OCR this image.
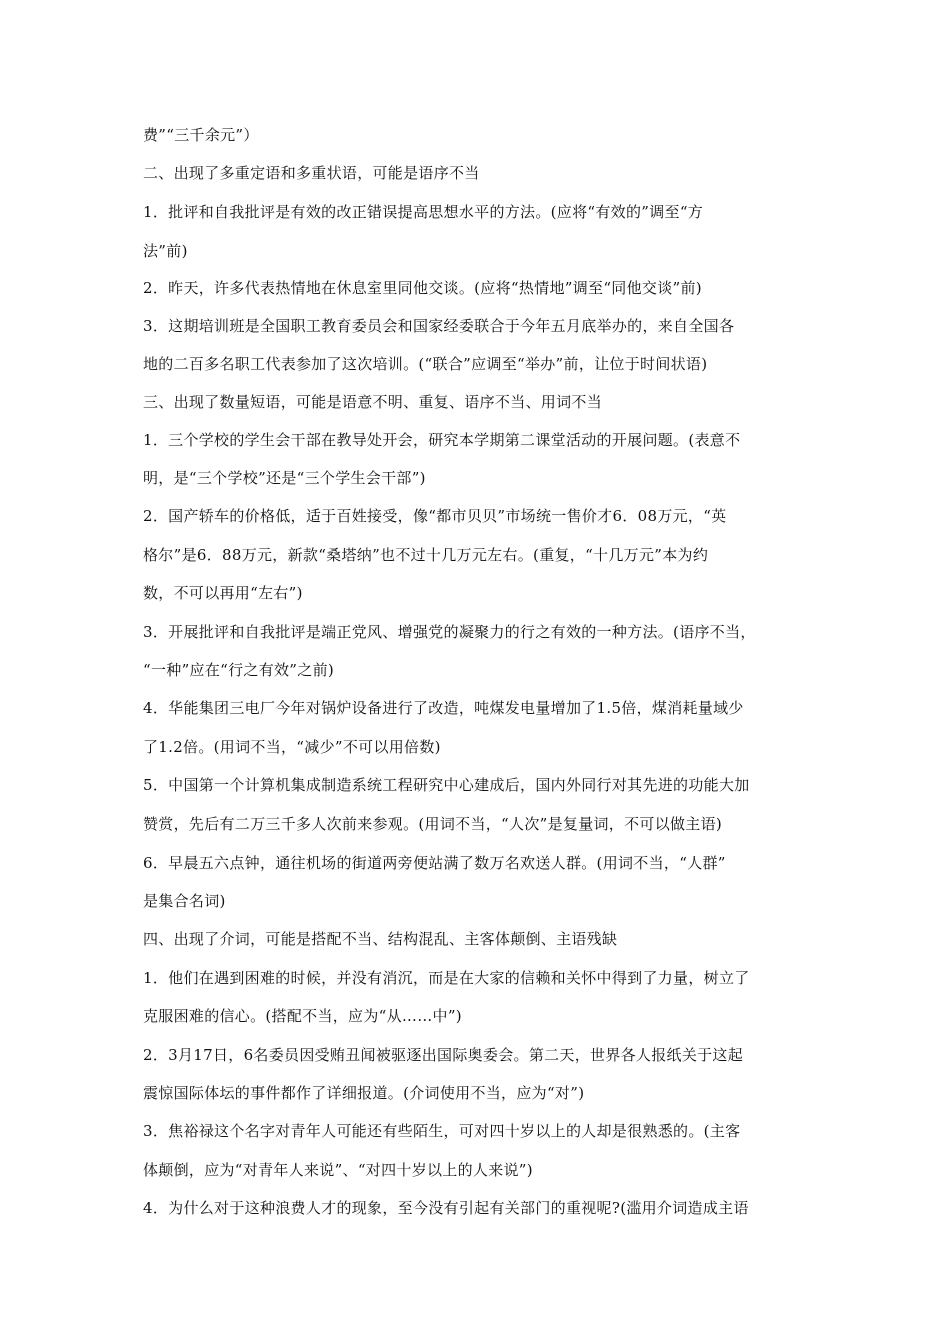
费”“三千余元”）
二、出现了多重定语和多重状语，可能是语序不当
1．批评和自我批评是有效的改正错误提高思想水平的方法。(应将“有效的”调至“方
法”前)
2．昨天，许多代表热情地在休息室里同他交谈。(应将“热情地”调至“同他交谈”前)
3．这期培训班是全国职工教育委员会和国家经委联合于今年五月底举办的，来自全国各
地的二百多名职工代表参加了这次培训。(“联合”应调至“举办”前，让位于时间状语)
三、出现了数量短语，可能是语意不明、重复、语序不当、用词不当
1．三个学校的学生会干部在教导处开会，研究本学期第二课堂活动的开展问题。(表意不
明，是“三个学校”还是“三个学生会干部”)
2．国产轿车的价格低，适于百姓接受，像“都市贝贝”市场统一售价才6．08万元，“英
格尔”是6．88万元，新款“桑塔纳”也不过十几万元左右。(重复，“十几万元”本为约
数，不可以再用“左右”)
3．开展批评和自我批评是端正党风、增强党的凝聚力的行之有效的一种方法。(语序不当，
“一种”应在“行之有效”之前)
4．华能集团三电厂今年对锅炉设备进行了改造，吨煤发电量增加了1.5倍，煤消耗量域少
了1.2倍。(用词不当，“减少”不可以用倍数)
5．中国第一个计算机集成制造系统工程研究中心建成后，国内外同行对其先进的功能大加
赞赏，先后有二万三千多人次前来参观。(用词不当，“人次”是复量词，不可以做主语)
6．早晨五六点钟，通往机场的街道两旁便站满了数万名欢送人群。(用词不当，“人群”
是集合名词)
四、出现了介词，可能是搭配不当、结构混乱、主客体颠倒、主语残缺
1．他们在遇到困难的时候，并没有消沉，而是在大家的信赖和关怀中得到了力量，树立了
克服困难的信心。(搭配不当，应为“从……中”)
2．3月17日，6名委员因受贿丑闻被驱逐出国际奥委会。第二天，世界各人报纸关于这起
震惊国际体坛的事件都作了详细报道。(介词使用不当，应为“对”)
3．焦裕禄这个名字对青年人可能还有些陌生，可对四十岁以上的人却是很熟悉的。(主客
体颠倒，应为“对青年人来说”、“对四十岁以上的人来说”)
4．为什么对于这种浪费人才的现象，至今没有引起有关部门的重视呢?(滥用介词造成主语
